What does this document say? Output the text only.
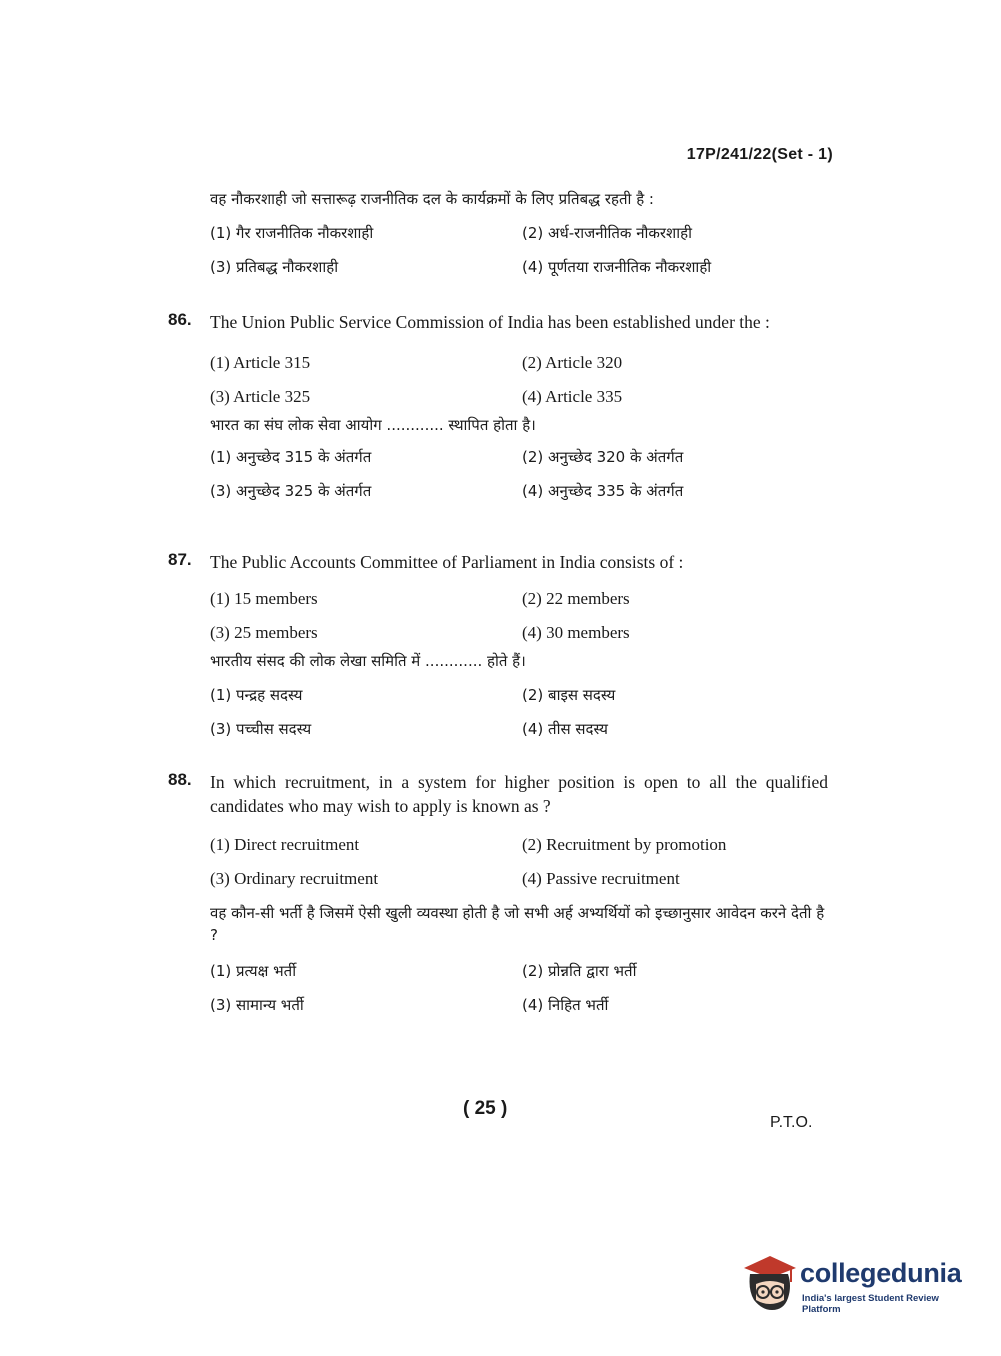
17P/241/22(Set - 1)
वह नौकरशाही जो सत्तारूढ़ राजनीतिक दल के कार्यक्रमों के लिए प्रतिबद्ध रहती है :
(1) गैर राजनीतिक नौकरशाही	(2) अर्ध-राजनीतिक नौकरशाही
(3) प्रतिबद्ध नौकरशाही	(4) पूर्णतया राजनीतिक नौकरशाही
86. The Union Public Service Commission of India has been established under the :
(1) Article 315	(2) Article 320
(3) Article 325	(4) Article 335
भारत का संघ लोक सेवा आयोग ............ स्थापित होता है।
(1) अनुच्छेद 315 के अंतर्गत	(2) अनुच्छेद 320 के अंतर्गत
(3) अनुच्छेद 325 के अंतर्गत	(4) अनुच्छेद 335 के अंतर्गत
87. The Public Accounts Committee of Parliament in India consists of :
(1) 15 members	(2) 22 members
(3) 25 members	(4) 30 members
भारतीय संसद की लोक लेखा समिति में ............ होते हैं।
(1) पन्द्रह सदस्य	(2) बाइस सदस्य
(3) पच्चीस सदस्य	(4) तीस सदस्य
88. In which recruitment, in a system for higher position is open to all the qualified candidates who may wish to apply is known as ?
(1) Direct recruitment	(2) Recruitment by promotion
(3) Ordinary recruitment	(4) Passive recruitment
वह कौन-सी भर्ती है जिसमें ऐसी खुली व्यवस्था होती है जो सभी अर्ह अभ्यर्थियों को इच्छानुसार आवेदन करने देती है ?
(1) प्रत्यक्ष भर्ती	(2) प्रोन्नति द्वारा भर्ती
(3) सामान्य भर्ती	(4) निहित भर्ती
( 25 )
P.T.O.
collegedunia
India's largest Student Review Platform
